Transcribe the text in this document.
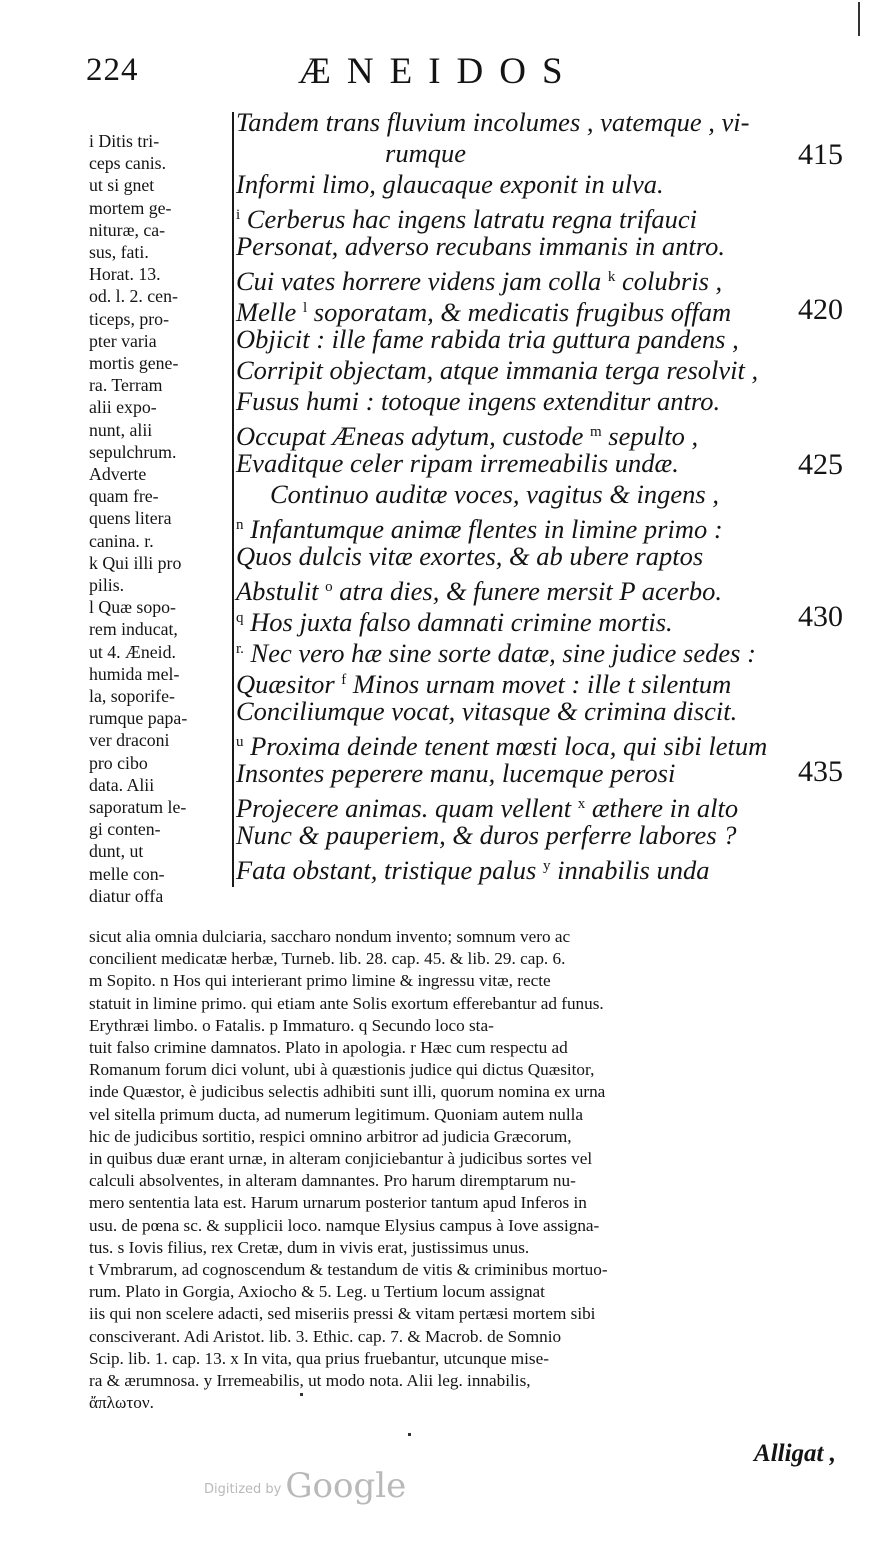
224	ÆNEIDOS
Tandem trans fluvium incolumes , vatemque , vi-
rumque
Informi limo, glaucaque exponit in ulva.
$^i$ Cerberus hac ingens latratu regna trifauci
Personat, adverso recubans immanis in antro.
Cui vates horrere videns jam colla $^k$ colubris ,
Melle $^l$ soporatam, & medicatis frugibus offam
Objicit : ille fame rabida tria guttura pandens ,
Corripit objectam, atque immania terga resolvit ,
Fusus humi : totoque ingens extenditur antro.
Occupat Æneas adytum, custode $^m$ sepulto ,
Evaditque celer ripam irremeabilis undæ.
Continuo auditæ voces, vagitus & ingens ,
$^n$ Infantumque animæ flentes in limine primo :
Quos dulcis vitæ exortes, & ab ubere raptos
Abstulit $^o$ atra dies, & funere mersit P acerbo.
$^q$ Hos juxta falso damnati crimine mortis.
$^{r.}$ Nec vero hæ sine sorte datæ, sine judice sedes :
Quæsitor $^f$ Minos urnam movet : ille t silentum
Conciliumque vocat, vitasque & crimina discit.
$^u$ Proxima deinde tenent mœsti loca, qui sibi letum
Insontes peperere manu, lucemque perosi
Projecere animas. quam vellent $^x$ æthere in alto
Nunc & pauperiem, & duros perferre labores ?
Fata obstant, tristique palus $^y$ innabilis unda
415
420
425
430
435
i Ditis tri-
ceps canis.
ut si gnet
mortem ge-
nituræ, ca-
sus, fati.
Horat. 13.
od. l. 2. cen-
ticeps, pro-
pter varia
mortis gene-
ra. Terram
alii expo-
nunt, alii
sepulchrum.
Adverte
quam fre-
quens litera
canina. r.
k Qui illi pro
pilis.
l Quæ sopo-
rem inducat,
ut 4. Æneid.
humida mel-
la, soporife-
rumque papa-
ver draconi
pro cibo
data. Alii
saporatum le-
gi conten-
dunt, ut
melle con-
diatur offa
sicut alia omnia dulciaria, saccharo nondum invento; somnum vero ac
concilient medicatæ herbæ, Turneb. lib. 28. cap. 45. & lib. 29. cap. 6.
m Sopito. n Hos qui interierant primo limine & ingressu vitæ, recte
statuit in limine primo. qui etiam ante Solis exortum efferebantur ad funus.
Erythræi limbo. o Fatalis. p Immaturo. q Secundo loco sta-
tuit falso crimine damnatos. Plato in apologia. r Hæc cum respectu ad
Romanum forum dici volunt, ubi à quæstionis judice qui dictus Quæsitor,
inde Quæstor, è judicibus selectis adhibiti sunt illi, quorum nomina ex urna
vel sitella primum ducta, ad numerum legitimum. Quoniam autem nulla
hic de judicibus sortitio, respici omnino arbitror ad judicia Græcorum,
in quibus duæ erant urnæ, in alteram conjiciebantur à judicibus sortes vel
calculi absolventes, in alteram damnantes. Pro harum diremptarum nu-
mero sententia lata est. Harum urnarum posterior tantum apud Inferos in
usu. de pœna sc. & supplicii loco. namque Elysius campus à Iove assigna-
tus. s Iovis filius, rex Cretæ, dum in vivis erat, justissimus unus.
t Vmbrarum, ad cognoscendum & testandum de vitis & criminibus mortuo-
rum. Plato in Gorgia, Axiocho & 5. Leg. u Tertium locum assignat
iis qui non scelere adacti, sed miseriis pressi & vitam pertæsi mortem sibi
consciverant. Adi Aristot. lib. 3. Ethic. cap. 7. & Macrob. de Somnio
Scip. lib. 1. cap. 13. x In vita, qua prius fruebantur, utcunque mise-
ra & ærumnosa. y Irremeabilis, ut modo nota. Alii leg. innabilis,
ἄπλωτον.
Alligat ,
Digitized by Google
